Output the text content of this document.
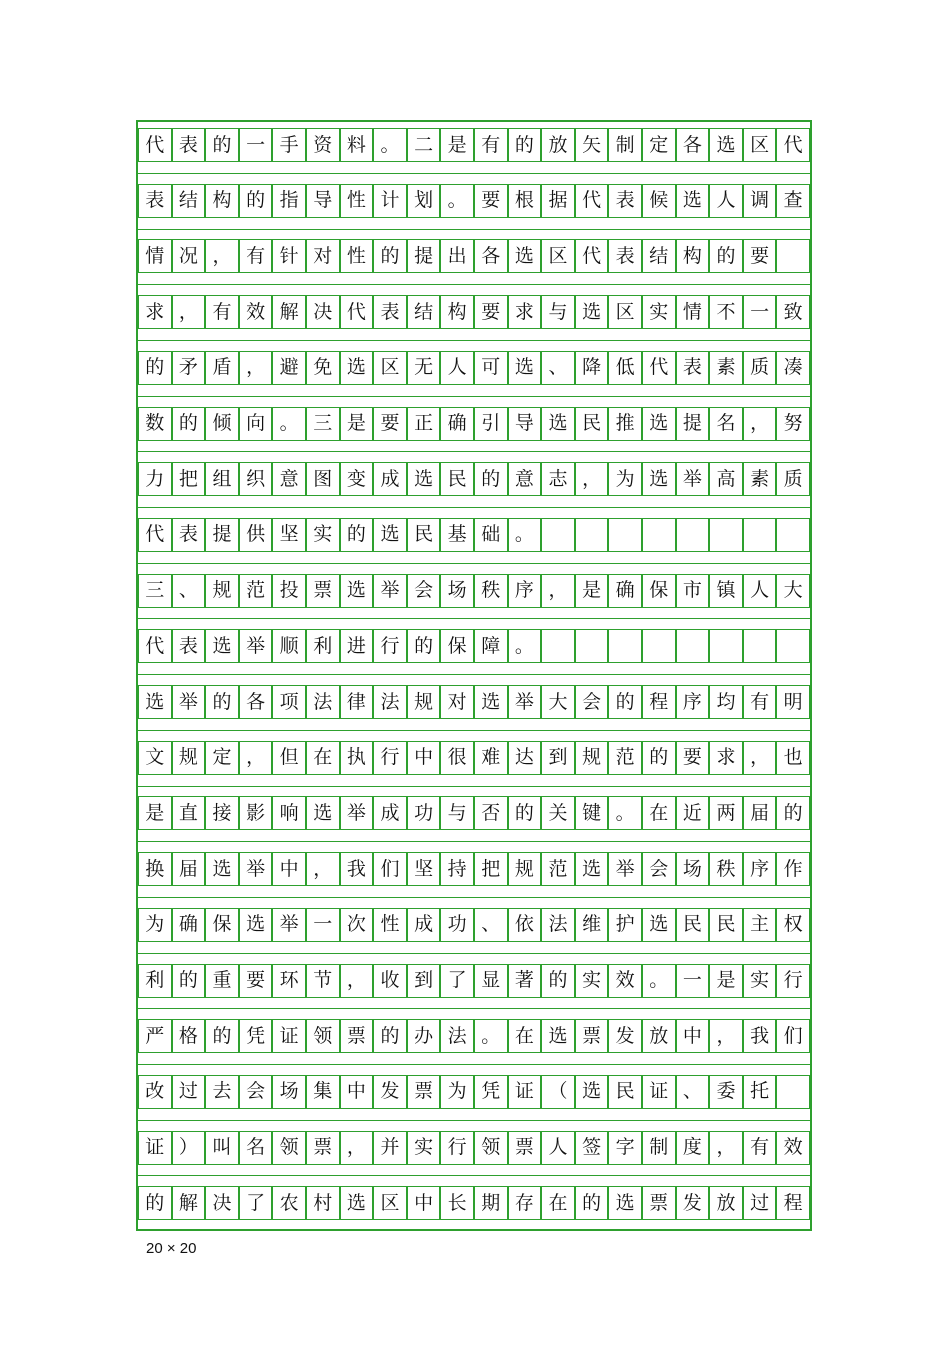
代 表 的 一 手 资 料 。 二 是 有 的 放 矢 制 定 各 选 区 代
表 结 构 的 指 导 性 计 划 。 要 根 据 代 表 候 选 人 调 查
情 况 ， 有 针 对 性 的 提 出 各 选 区 代 表 结 构 的 要
求 ， 有 效 解 决 代 表 结 构 要 求 与 选 区 实 情 不 一 致
的 矛 盾 ， 避 免 选 区 无 人 可 选 、 降 低 代 表 素 质 凑
数 的 倾 向 。 三 是 要 正 确 引 导 选 民 推 选 提 名 ， 努
力 把 组 织 意 图 变 成 选 民 的 意 志 ， 为 选 举 高 素 质
代 表 提 供 坚 实 的 选 民 基 础 。
三 、 规 范 投 票 选 举 会 场 秩 序 ， 是 确 保 市 镇 人 大
代 表 选 举 顺 利 进 行 的 保 障 。
选 举 的 各 项 法 律 法 规 对 选 举 大 会 的 程 序 均 有 明
文 规 定 ， 但 在 执 行 中 很 难 达 到 规 范 的 要 求 ， 也
是 直 接 影 响 选 举 成 功 与 否 的 关 键 。 在 近 两 届 的
换 届 选 举 中 ， 我 们 坚 持 把 规 范 选 举 会 场 秩 序 作
为 确 保 选 举 一 次 性 成 功 、 依 法 维 护 选 民 民 主 权
利 的 重 要 环 节 ， 收 到 了 显 著 的 实 效 。 一 是 实 行
严 格 的 凭 证 领 票 的 办 法 。 在 选 票 发 放 中 ， 我 们
改 过 去 会 场 集 中 发 票 为 凭 证 （ 选 民 证 、 委 托
证 ） 叫 名 领 票 ， 并 实 行 领 票 人 签 字 制 度 ， 有 效
的 解 决 了 农 村 选 区 中 长 期 存 在 的 选 票 发 放 过 程
20 × 20
